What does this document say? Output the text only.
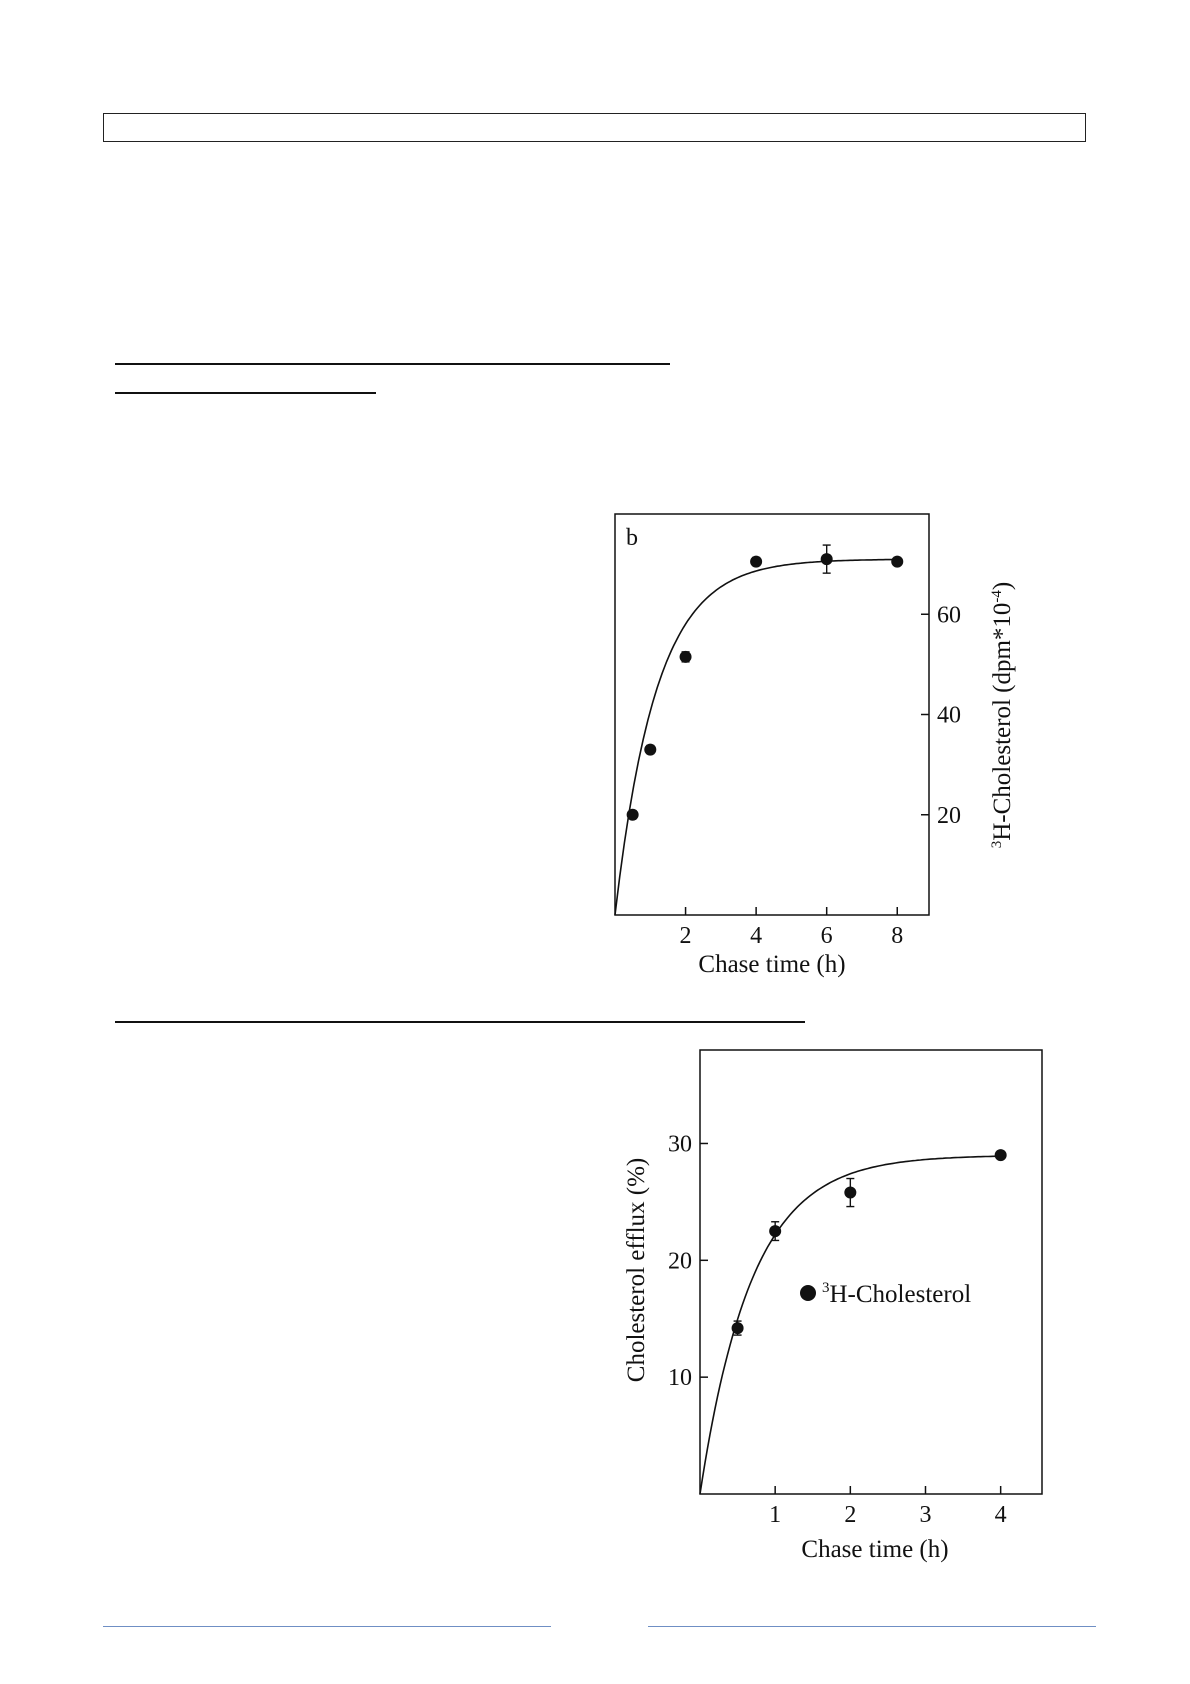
2 4 6 8
20
40
60
b
Chase time (h)
$^3$H-Cholesterol $(dpm*10^{-4})$
1	2	3	4
10
20
30
$^3$H-Cholesterol
Chase time (h)
Cholesterol efflux (%)
